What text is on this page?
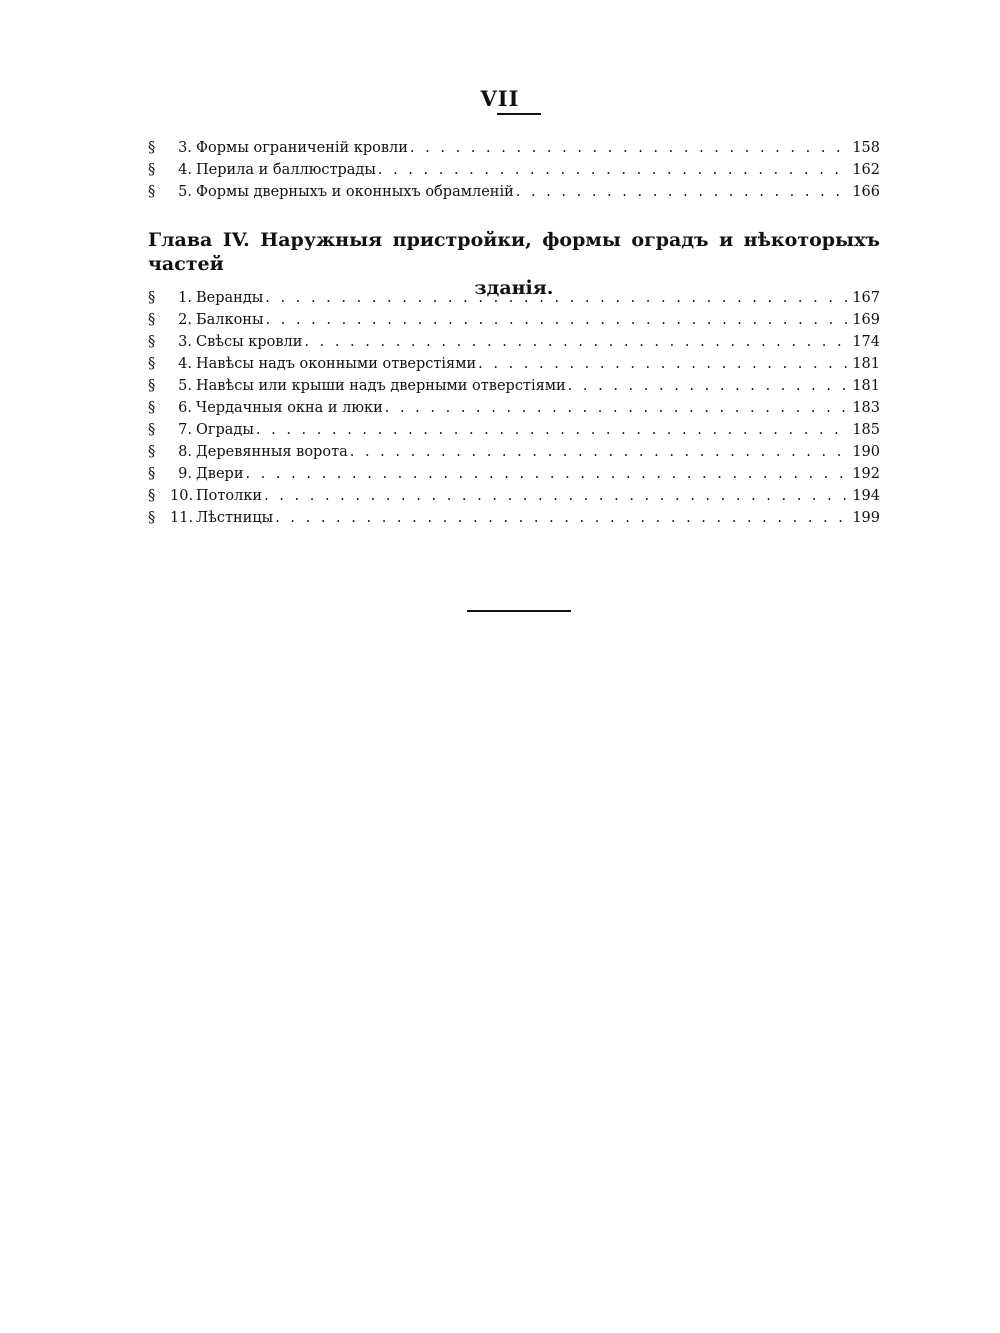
VII
§	3. Формы ограниченій кровли . . .	158
§	4. Перила и баллюстрады . . .	162
§	5. Формы дверныхъ и оконныхъ обрамленій . . .	166
Глава IV. Наружныя пристройки, формы оградъ и нѣкоторыхъ частей
зданія.
§	1. Веранды . . .	167
§	2. Балконы . . .	169
§	3. Свѣсы кровли . . .	174
§	4. Навѣсы надъ оконными отверстіями . . .	181
§	5. Навѣсы или крыши надъ дверными отверстіями . . .	181
§	6. Чердачныя окна и люки . . .	183
§	7. Ограды . . .	185
§	8. Деревянныя ворота . . .	190
§	9. Двери . . .	192
§	10. Потолки . . .	194
§	11. Лѣстницы . . .	199
